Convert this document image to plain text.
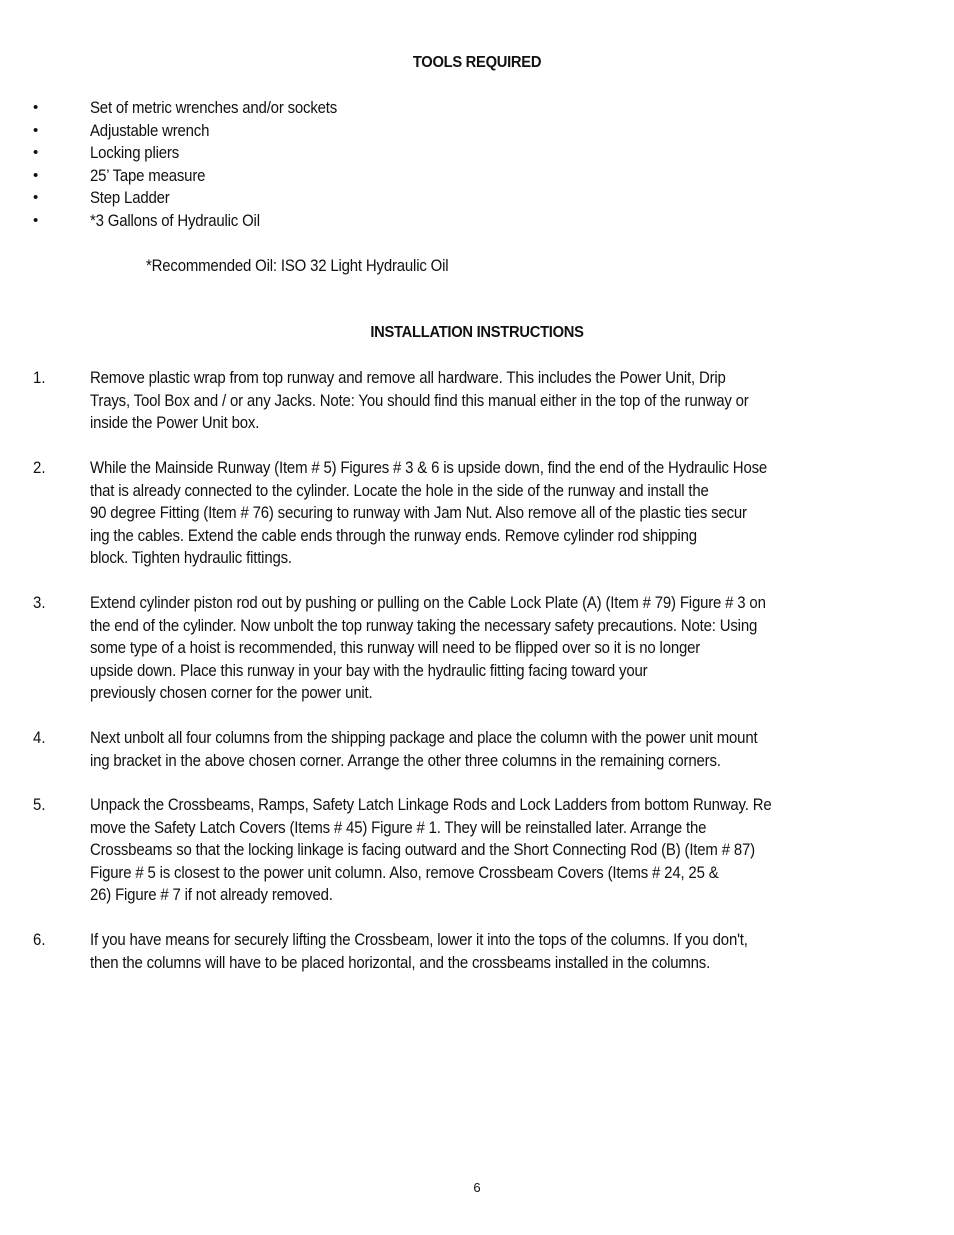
TOOLS REQUIRED
•	Set of metric wrenches and/or sockets
•	Adjustable wrench
•	Locking pliers
•	25’ Tape measure
•	Step Ladder
•	*3 Gallons of Hydraulic Oil
*Recommended Oil: ISO 32 Light Hydraulic Oil
INSTALLATION INSTRUCTIONS
1.	Remove plastic wrap from top runway and remove all hardware. This includes the Power Unit, Drip
Trays, Tool Box and / or any Jacks. Note: You should find this manual either in the top of the runway or
inside the Power Unit box.
2.	While the Mainside Runway (Item # 5) Figures # 3 & 6 is upside down, find the end of the Hydraulic Hose
that is already connected to the cylinder. Locate the hole in the side of the runway and install the
90 degree Fitting (Item # 76) securing to runway with Jam Nut. Also remove all of the plastic ties secur
ing the cables. Extend the cable ends through the runway ends. Remove cylinder rod shipping
block. Tighten hydraulic fittings.
3.	Extend cylinder piston rod out by pushing or pulling on the Cable Lock Plate (A) (Item # 79) Figure # 3 on
the end of the cylinder. Now unbolt the top runway taking the necessary safety precautions. Note: Using
some type of a hoist is recommended, this runway will need to be flipped over so it is no longer
upside down. Place this runway in your bay with the hydraulic fitting facing toward your
previously chosen corner for the power unit.
4.	Next unbolt all four columns from the shipping package and place the column with the power unit mount
ing bracket in the above chosen corner. Arrange the other three columns in the remaining corners.
5.	Unpack the Crossbeams, Ramps, Safety Latch Linkage Rods and Lock Ladders from bottom Runway. Re
move the Safety Latch Covers (Items # 45) Figure # 1. They will be reinstalled later. Arrange the
Crossbeams so that the locking linkage is facing outward and the Short Connecting Rod (B) (Item # 87)
Figure # 5 is closest to the power unit column. Also, remove Crossbeam Covers (Items # 24, 25 &
26) Figure # 7 if not already removed.
6.	If you have means for securely lifting the Crossbeam, lower it into the tops of the columns. If you don't,
then the columns will have to be placed horizontal, and the crossbeams installed in the columns.
6
